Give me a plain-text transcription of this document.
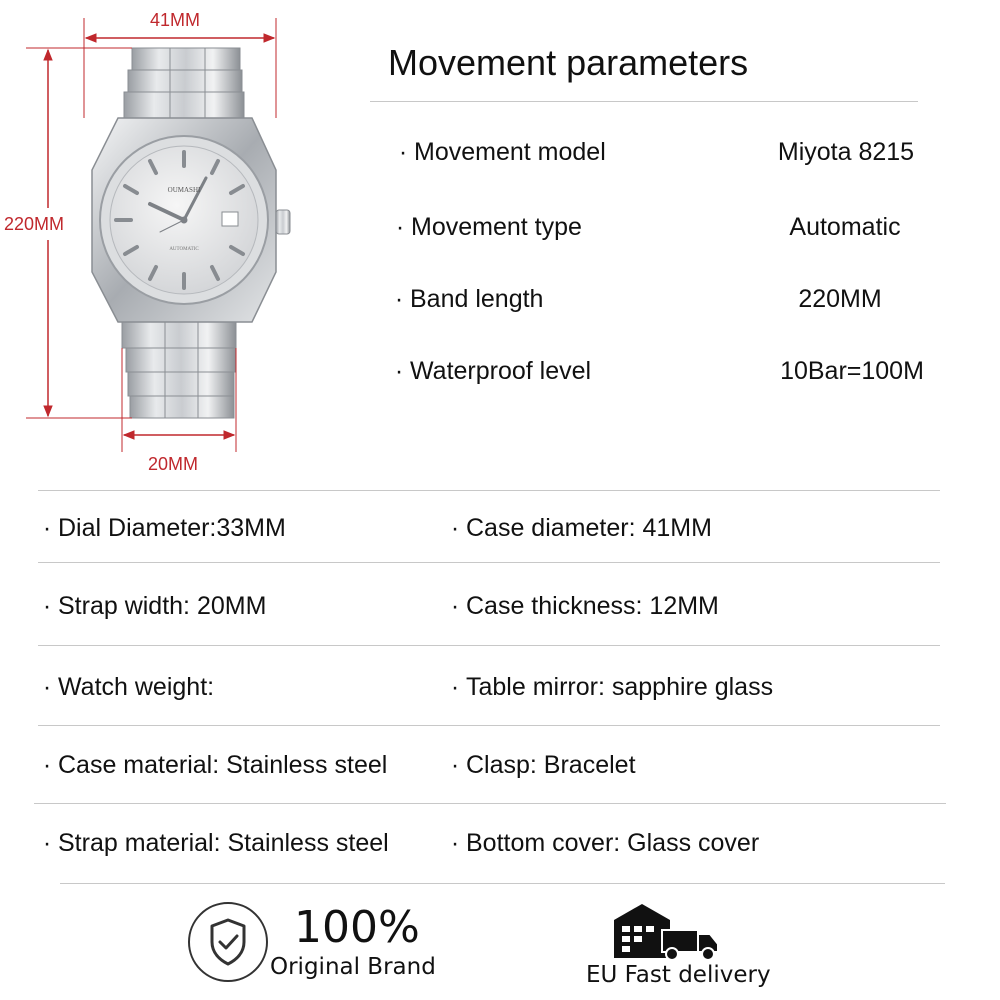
OUMASHI
AUTOMATIC
41MM
220MM
20MM
Movement parameters
· Movement model	Miyota 8215
· Movement type	Automatic
· Band length	220MM
· Waterproof level	10Bar=100M
· Dial Diameter:33MM	· Case diameter: 41MM
· Strap width: 20MM	· Case thickness: 12MM
· Watch weight:	· Table mirror: sapphire glass
· Case material: Stainless steel	· Clasp: Bracelet
· Strap material: Stainless steel · Bottom cover: Glass cover
100%
Original Brand	EU Fast delivery
